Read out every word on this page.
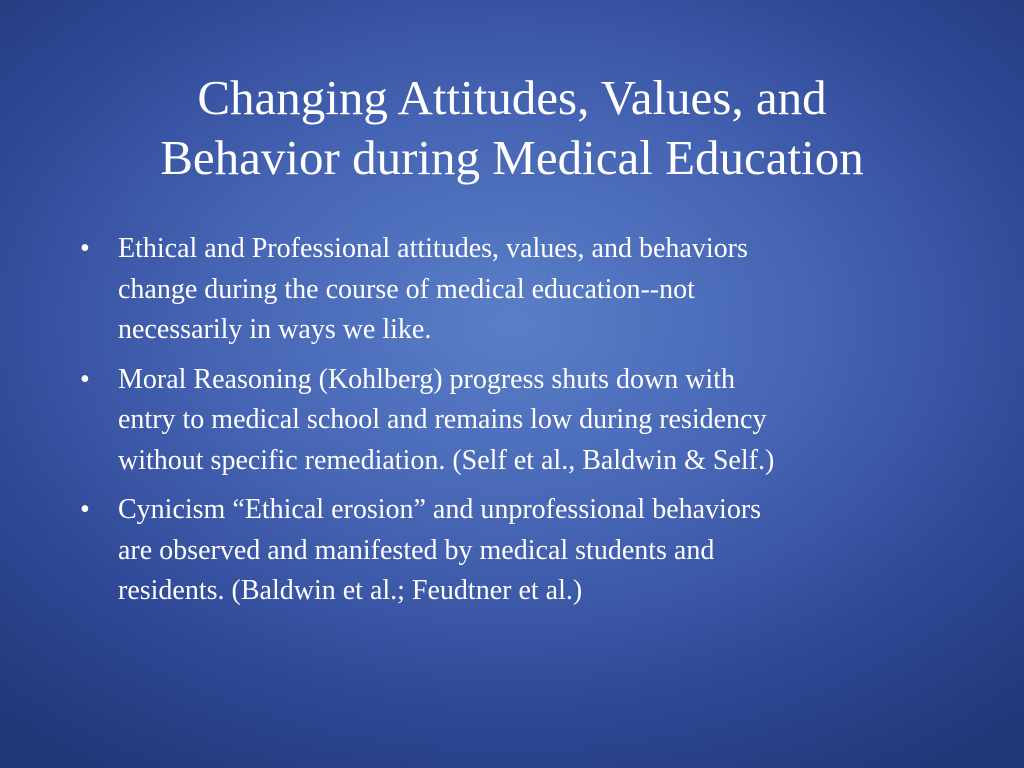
Changing Attitudes, Values, and
Behavior during Medical Education
• Ethical and Professional attitudes, values, and behaviors
change during the course of medical education--not
necessarily in ways we like.
• Moral Reasoning (Kohlberg) progress shuts down with
entry to medical school and remains low during residency
without specific remediation. (Self et al., Baldwin & Self.)
• Cynicism “Ethical erosion” and unprofessional behaviors
are observed and manifested by medical students and
residents. (Baldwin et al.; Feudtner et al.)
